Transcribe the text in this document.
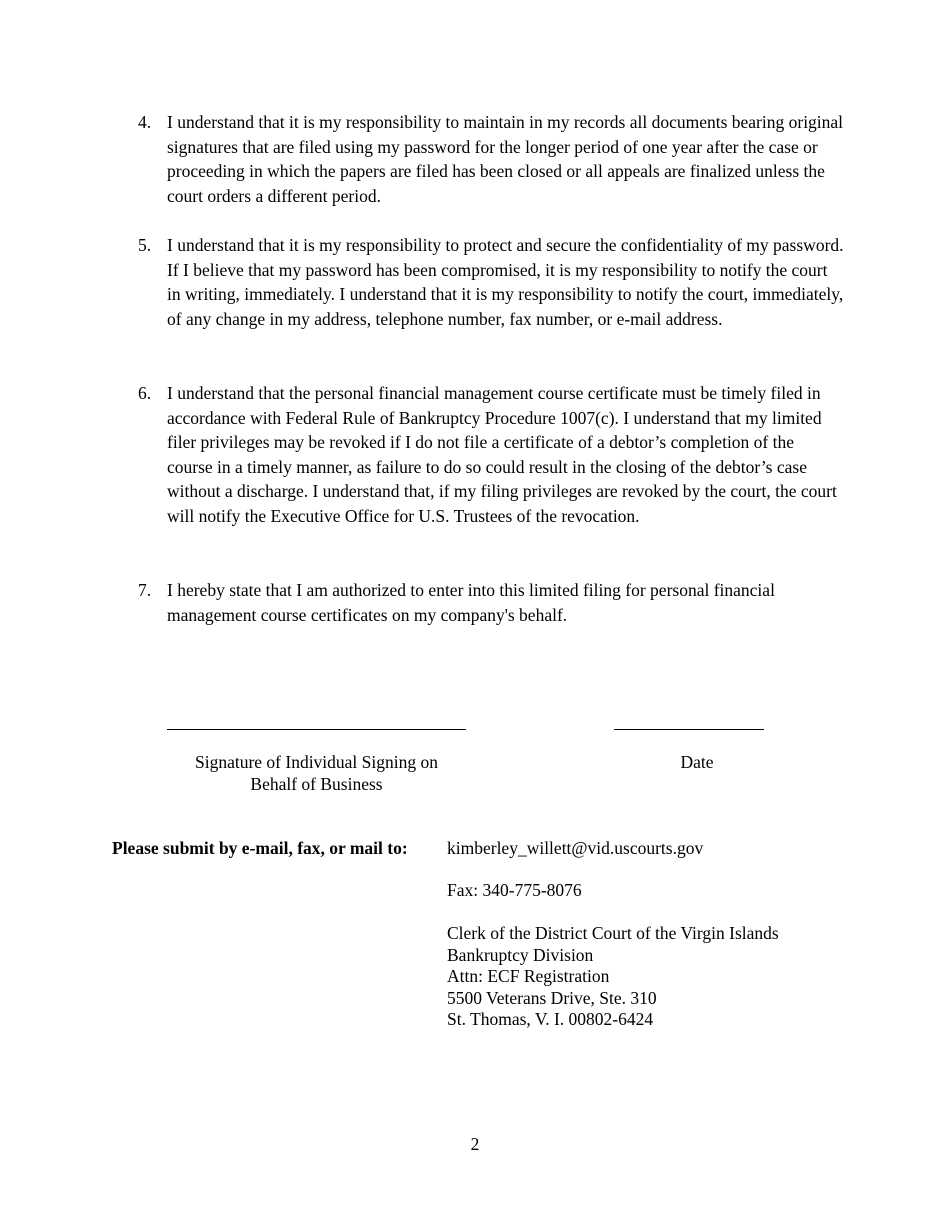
4. I understand that it is my responsibility to maintain in my records all documents bearing original signatures that are filed using my password for the longer period of one year after the case or proceeding in which the papers are filed has been closed or all appeals are finalized unless the court orders a different period.
5. I understand that it is my responsibility to protect and secure the confidentiality of my password. If I believe that my password has been compromised, it is my responsibility to notify the court in writing, immediately. I understand that it is my responsibility to notify the court, immediately, of any change in my address, telephone number, fax number, or e-mail address.
6. I understand that the personal financial management course certificate must be timely filed in accordance with Federal Rule of Bankruptcy Procedure 1007(c). I understand that my limited filer privileges may be revoked if I do not file a certificate of a debtor’s completion of the course in a timely manner, as failure to do so could result in the closing of the debtor’s case without a discharge. I understand that, if my filing privileges are revoked by the court, the court will notify the Executive Office for U.S. Trustees of the revocation.
7. I hereby state that I am authorized to enter into this limited filing for personal financial management course certificates on my company's behalf.
Signature of Individual Signing on
Behalf of Business
Date
Please submit by e-mail, fax, or mail to: kimberley_willett@vid.uscourts.gov
Fax: 340-775-8076
Clerk of the District Court of the Virgin Islands
Bankruptcy Division
Attn: ECF Registration
5500 Veterans Drive, Ste. 310
St. Thomas, V. I. 00802-6424
2
